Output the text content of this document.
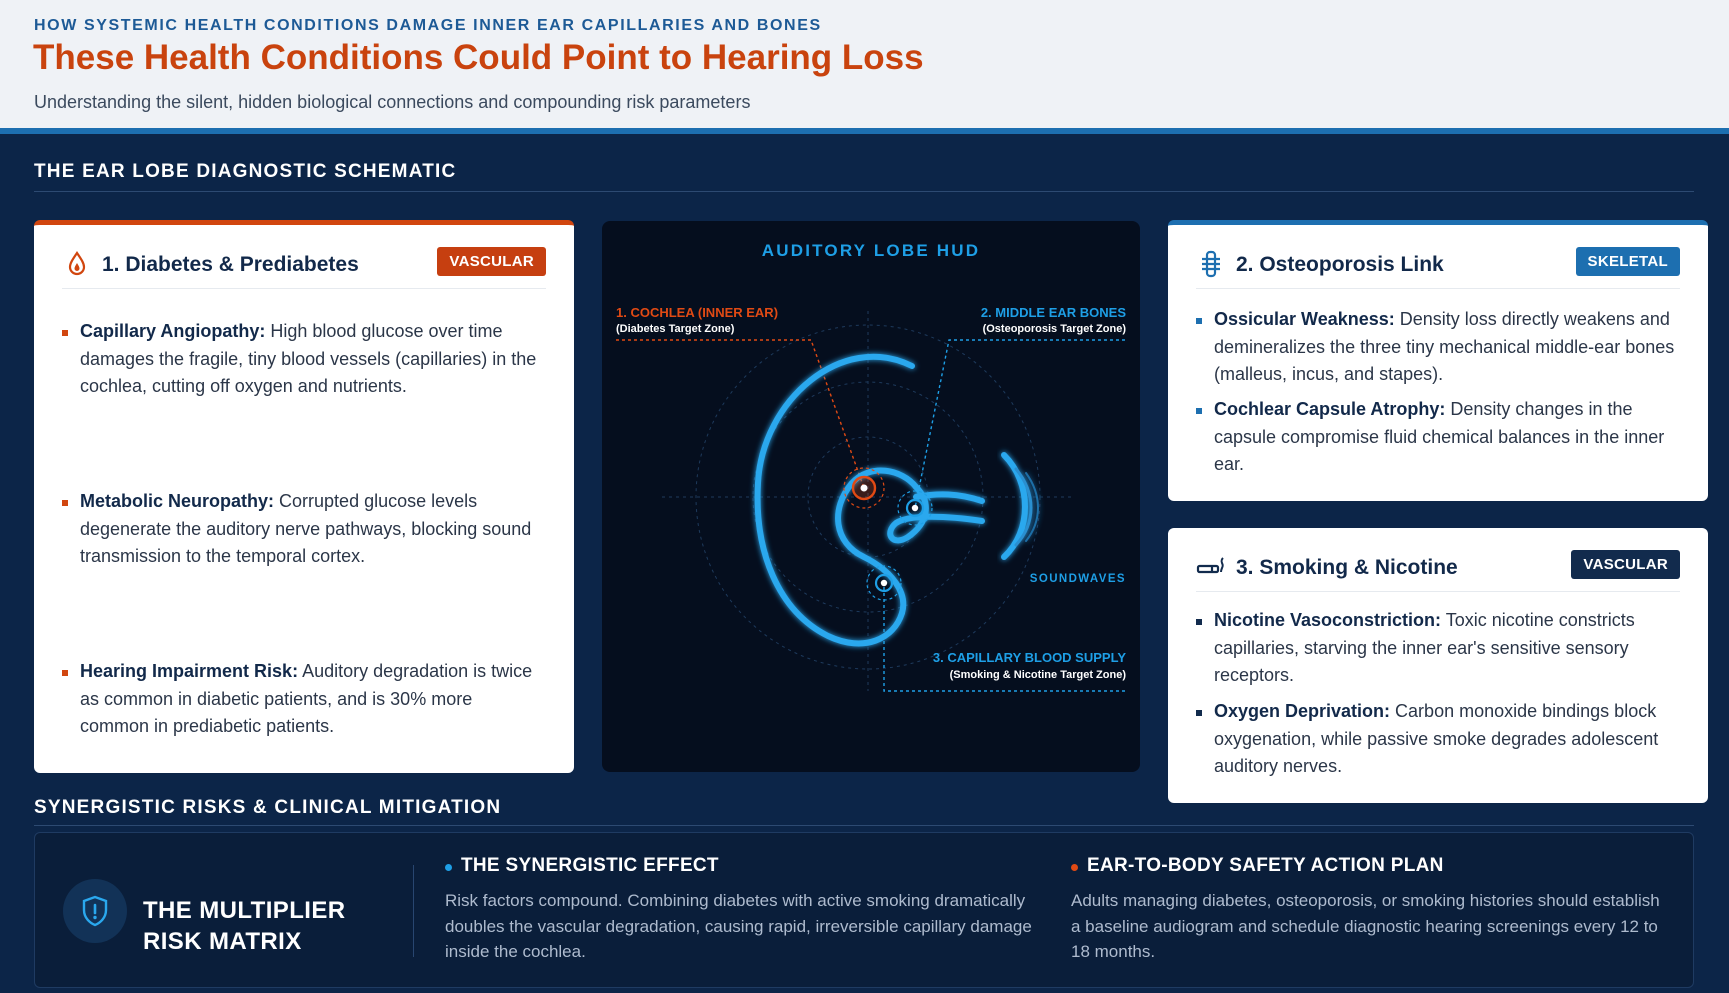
HOW SYSTEMIC HEALTH CONDITIONS DAMAGE INNER EAR CAPILLARIES AND BONES
These Health Conditions Could Point to Hearing Loss
Understanding the silent, hidden biological connections and compounding risk parameters
THE EAR LOBE DIAGNOSTIC SCHEMATIC
1. Diabetes & Prediabetes	VASCULAR
Capillary Angiopathy: High blood glucose over time damages the fragile, tiny blood vessels (capillaries) in the cochlea, cutting off oxygen and nutrients.
Metabolic Neuropathy: Corrupted glucose levels degenerate the auditory nerve pathways, blocking sound transmission to the temporal cortex.
Hearing Impairment Risk: Auditory degradation is twice as common in diabetic patients, and is 30% more common in prediabetic patients.
AUDITORY LOBE HUD
1. COCHLEA (INNER EAR)
(Diabetes Target Zone)
2. MIDDLE EAR BONES
(Osteoporosis Target Zone)
SOUNDWAVES
3. CAPILLARY BLOOD SUPPLY
(Smoking & Nicotine Target Zone)
2. Osteoporosis Link	SKELETAL
Ossicular Weakness: Density loss directly weakens and demineralizes the three tiny mechanical middle-ear bones (malleus, incus, and stapes).
Cochlear Capsule Atrophy: Density changes in the capsule compromise fluid chemical balances in the inner ear.
3. Smoking & Nicotine	VASCULAR
Nicotine Vasoconstriction: Toxic nicotine constricts capillaries, starving the inner ear's sensitive sensory receptors.
Oxygen Deprivation: Carbon monoxide bindings block oxygenation, while passive smoke degrades adolescent auditory nerves.
SYNERGISTIC RISKS & CLINICAL MITIGATION
THE MULTIPLIER RISK MATRIX
THE SYNERGISTIC EFFECT
Risk factors compound. Combining diabetes with active smoking dramatically doubles the vascular degradation, causing rapid, irreversible capillary damage inside the cochlea.
EAR-TO-BODY SAFETY ACTION PLAN
Adults managing diabetes, osteoporosis, or smoking histories should establish a baseline audiogram and schedule diagnostic hearing screenings every 12 to 18 months.
